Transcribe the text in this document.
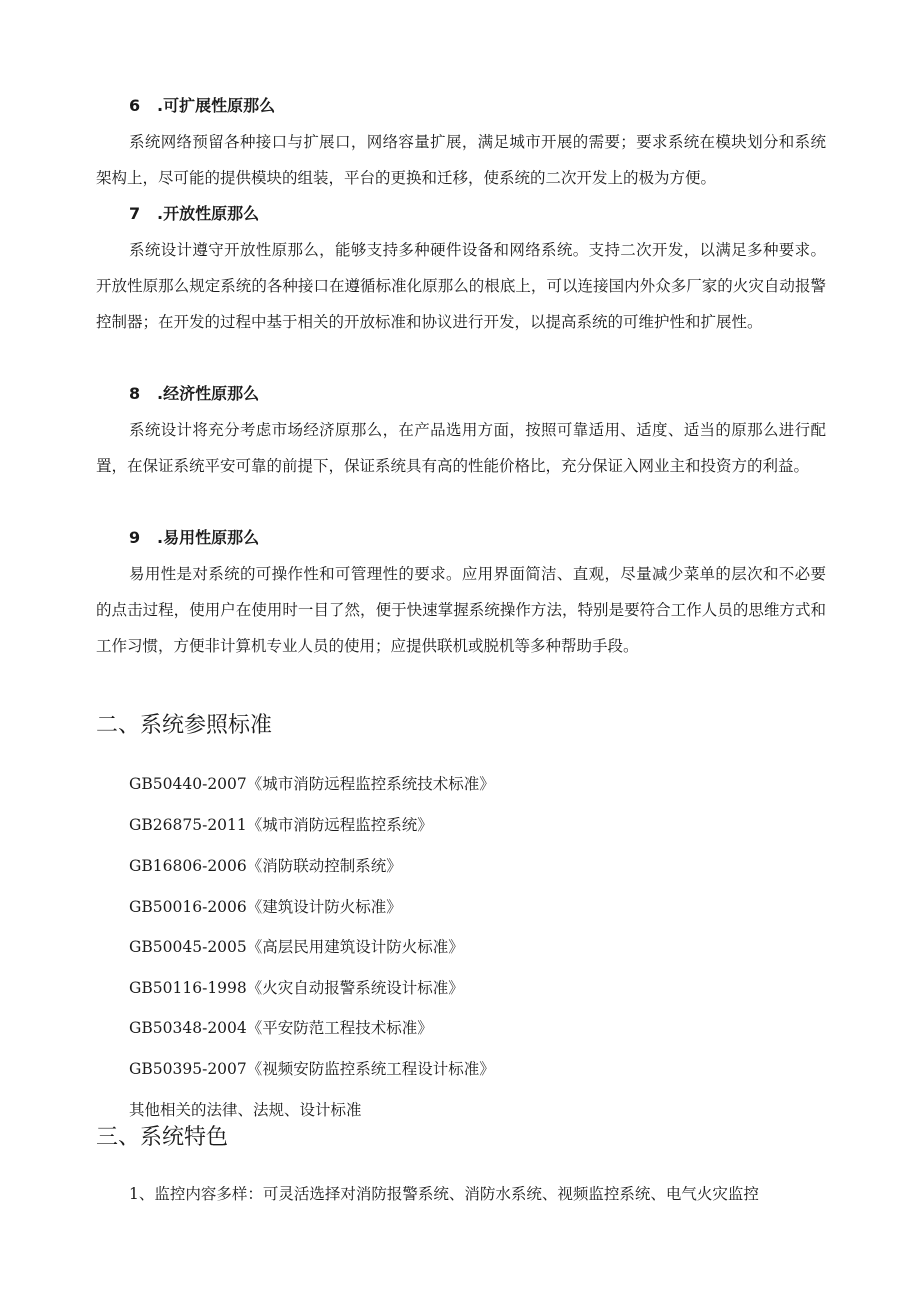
6 .可扩展性原那么

系统网络预留各种接口与扩展口，网络容量扩展，满足城市开展的需要；要求系统在模块划分和系统架构上，尽可能的提供模块的组装，平台的更换和迁移，使系统的二次开发上的极为方便。

7 .开放性原那么

系统设计遵守开放性原那么，能够支持多种硬件设备和网络系统。支持二次开发，以满足多种要求。开放性原那么规定系统的各种接口在遵循标准化原那么的根底上，可以连接国内外众多厂家的火灾自动报警控制器；在开发的过程中基于相关的开放标准和协议进行开发，以提高系统的可维护性和扩展性。

8 .经济性原那么

系统设计将充分考虑市场经济原那么，在产品选用方面，按照可靠适用、适度、适当的原那么进行配置，在保证系统平安可靠的前提下，保证系统具有高的性能价格比，充分保证入网业主和投资方的利益。

9 .易用性原那么

易用性是对系统的可操作性和可管理性的要求。应用界面简洁、直观，尽量减少菜单的层次和不必要的点击过程，使用户在使用时一目了然，便于快速掌握系统操作方法，特别是要符合工作人员的思维方式和工作习惯，方便非计算机专业人员的使用；应提供联机或脱机等多种帮助手段。

二、系统参照标准
GB50440-2007《城市消防远程监控系统技术标准》
GB26875-2011《城市消防远程监控系统》
GB16806-2006《消防联动控制系统》
GB50016-2006《建筑设计防火标准》
GB50045-2005《高层民用建筑设计防火标准》
GB50116-1998《火灾自动报警系统设计标准》
GB50348-2004《平安防范工程技术标准》
GB50395-2007《视频安防监控系统工程设计标准》
其他相关的法律、法规、设计标准
三、系统特色
1、监控内容多样：可灵活选择对消防报警系统、消防水系统、视频监控系统、电气火灾监控
